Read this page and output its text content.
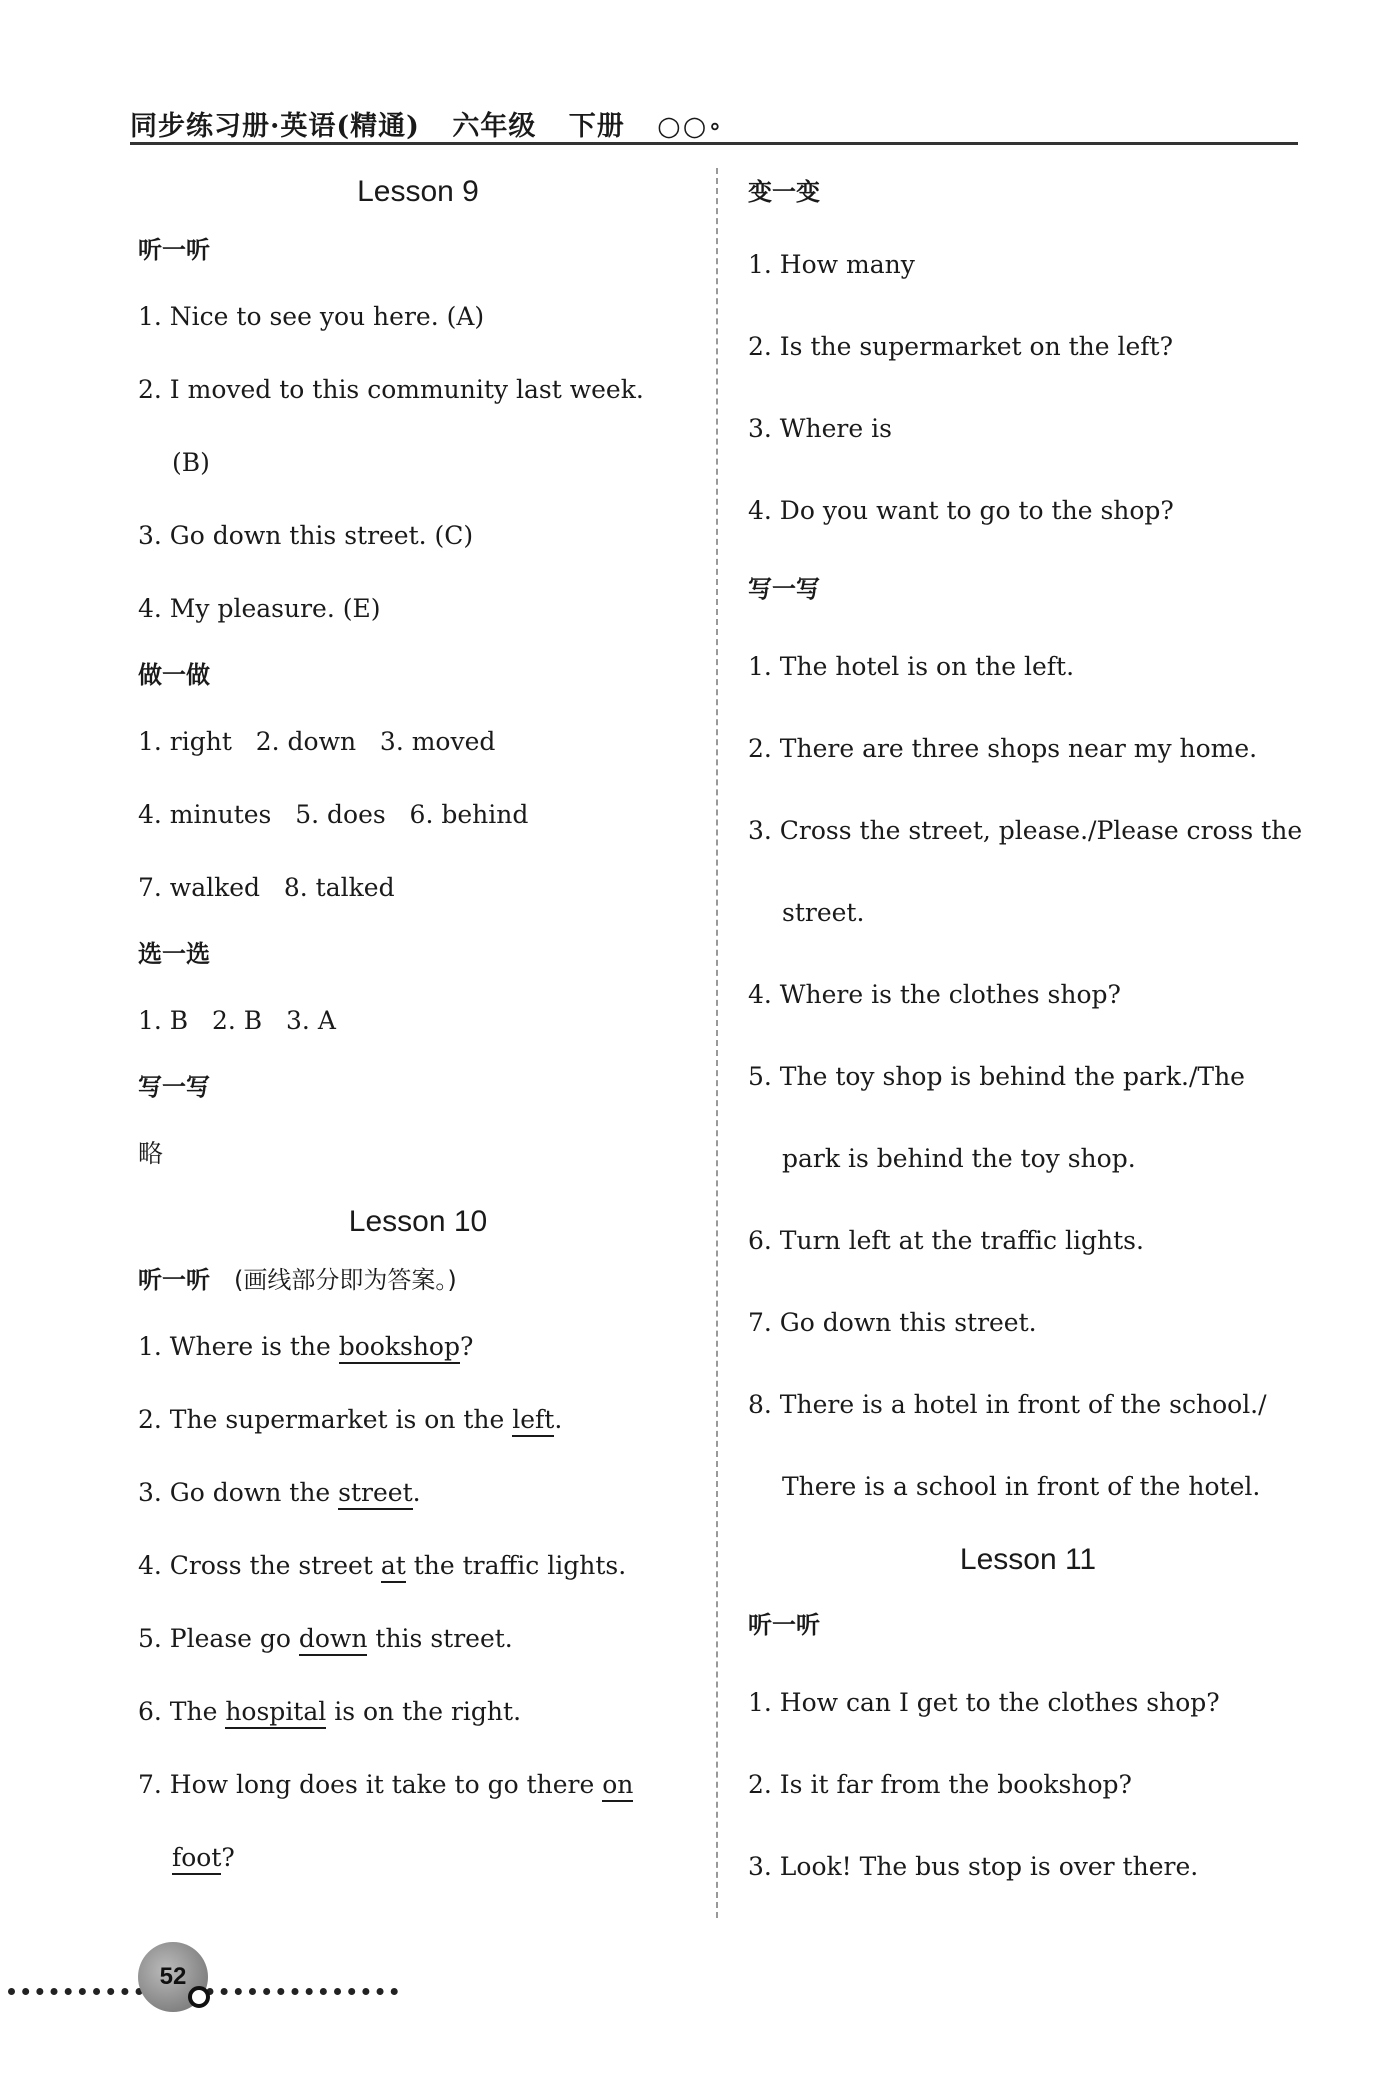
同步练习册·英语(精通) 六年级 下册 ○○∘
Lesson 9
听一听
1. Nice to see you here. (A)
2. I moved to this community last week.
(B)
3. Go down this street. (C)
4. My pleasure. (E)
做一做
1. right   2. down   3. moved
4. minutes   5. does   6. behind
7. walked   8. talked
选一选
1. B   2. B   3. A
写一写
略
Lesson 10
听一听 (画线部分即为答案。)
1. Where is the bookshop?
2. The supermarket is on the left.
3. Go down the street.
4. Cross the street at the traffic lights.
5. Please go down this street.
6. The hospital is on the right.
7. How long does it take to go there on
foot?
变一变
1. How many
2. Is the supermarket on the left?
3. Where is
4. Do you want to go to the shop?
写一写
1. The hotel is on the left.
2. There are three shops near my home.
3. Cross the street, please./Please cross the
street.
4. Where is the clothes shop?
5. The toy shop is behind the park./The
park is behind the toy shop.
6. Turn left at the traffic lights.
7. Go down this street.
8. There is a hotel in front of the school./
There is a school in front of the hotel.
Lesson 11
听一听
1. How can I get to the clothes shop?
2. Is it far from the bookshop?
3. Look! The bus stop is over there.
52
